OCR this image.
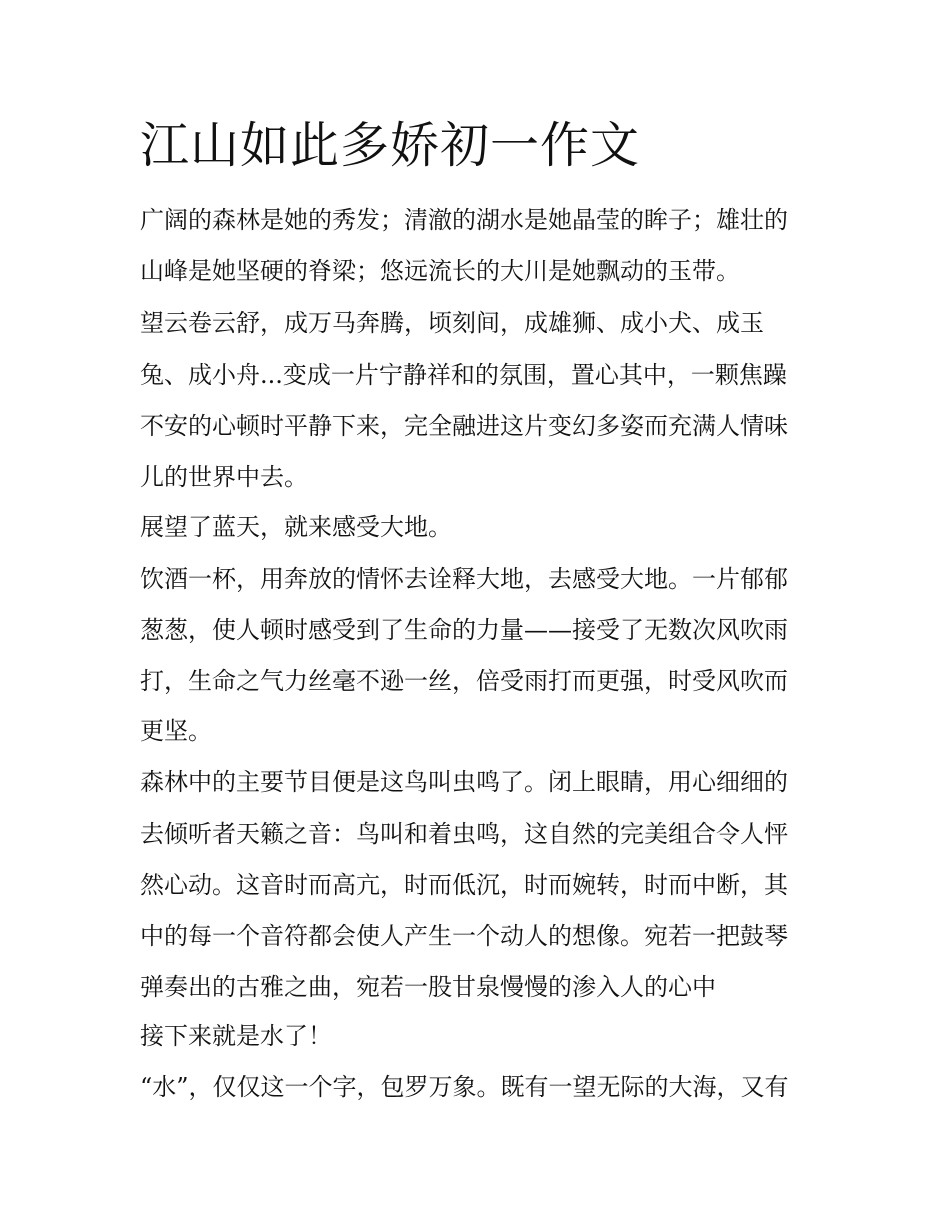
江山如此多娇初一作文

广阔的森林是她的秀发；清澈的湖水是她晶莹的眸子；雄壮的

山峰是她坚硬的脊梁；悠远流长的大川是她飘动的玉带。

望云卷云舒，成万马奔腾，顷刻间，成雄狮、成小犬、成玉

兔、成小舟...变成一片宁静祥和的氛围，置心其中，一颗焦躁

不安的心顿时平静下来，完全融进这片变幻多姿而充满人情味

儿的世界中去。

展望了蓝天，就来感受大地。

饮酒一杯，用奔放的情怀去诠释大地，去感受大地。一片郁郁

葱葱，使人顿时感受到了生命的力量——接受了无数次风吹雨

打，生命之气力丝毫不逊一丝，倍受雨打而更强，时受风吹而

更坚。

森林中的主要节目便是这鸟叫虫鸣了。闭上眼睛，用心细细的

去倾听者天籁之音：鸟叫和着虫鸣，这自然的完美组合令人怦

然心动。这音时而高亢，时而低沉，时而婉转，时而中断，其

中的每一个音符都会使人产生一个动人的想像。宛若一把鼓琴

弹奏出的古雅之曲，宛若一股甘泉慢慢的渗入人的心中

接下来就是水了！

“水”，仅仅这一个字，包罗万象。既有一望无际的大海，又有
